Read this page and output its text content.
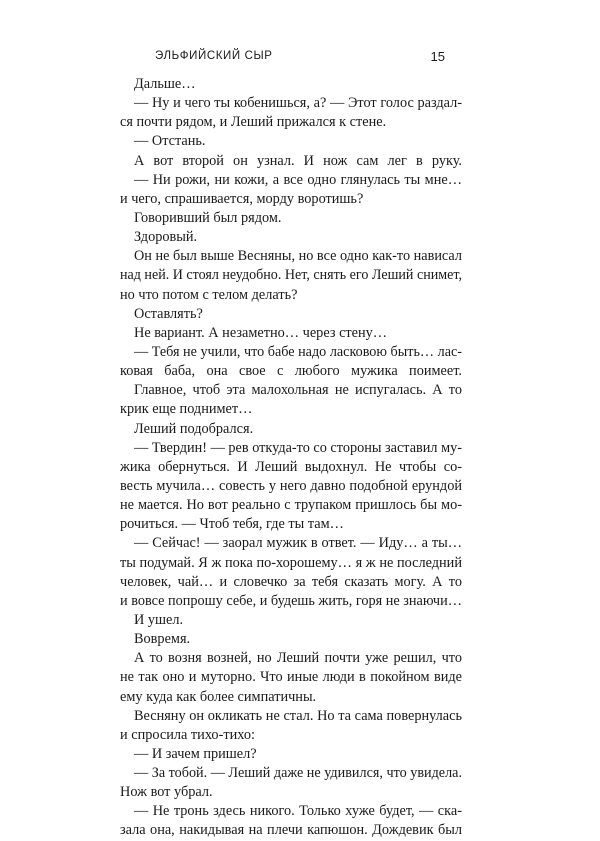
ЭЛЬФИЙСКИЙ СЫР	15
Дальше…
— Ну и чего ты кобенишься, а? — Этот голос раздал-
ся почти рядом, и Леший прижался к стене.
— Отстань.
А вот второй он узнал. И нож сам лег в руку.
— Ни рожи, ни кожи, а все одно глянулась ты мне…
и чего, спрашивается, морду воротишь?
Говоривший был рядом.
Здоровый.
Он не был выше Весняны, но все одно как-то нависал
над ней. И стоял неудобно. Нет, снять его Леший снимет,
но что потом с телом делать?
Оставлять?
Не вариант. А незаметно… через стену…
— Тебя не учили, что бабе надо ласковою быть… лас-
ковая баба, она свое с любого мужика поимеет.
Главное, чтоб эта малохольная не испугалась. А то
крик еще поднимет…
Леший подобрался.
— Твердин! — рев откуда-то со стороны заставил му-
жика обернуться. И Леший выдохнул. Не чтобы со-
весть мучила… совесть у него давно подобной ерундой
не мается. Но вот реально с трупаком пришлось бы мо-
рочиться. — Чтоб тебя, где ты там…
— Сейчас! — заорал мужик в ответ. — Иду… а ты…
ты подумай. Я ж пока по-хорошему… я ж не последний
человек, чай… и словечко за тебя сказать могу. А то
и вовсе попрошу себе, и будешь жить, горя не знаючи…
И ушел.
Вовремя.
А то возня возней, но Леший почти уже решил, что
не так оно и муторно. Что иные люди в покойном виде
ему куда как более симпатичны.
Весняну он окликать не стал. Но та сама повернулась
и спросила тихо-тихо:
— И зачем пришел?
— За тобой. — Леший даже не удивился, что увидела.
Нож вот убрал.
— Не тронь здесь никого. Только хуже будет, — ска-
зала она, накидывая на плечи капюшон. Дождевик был
